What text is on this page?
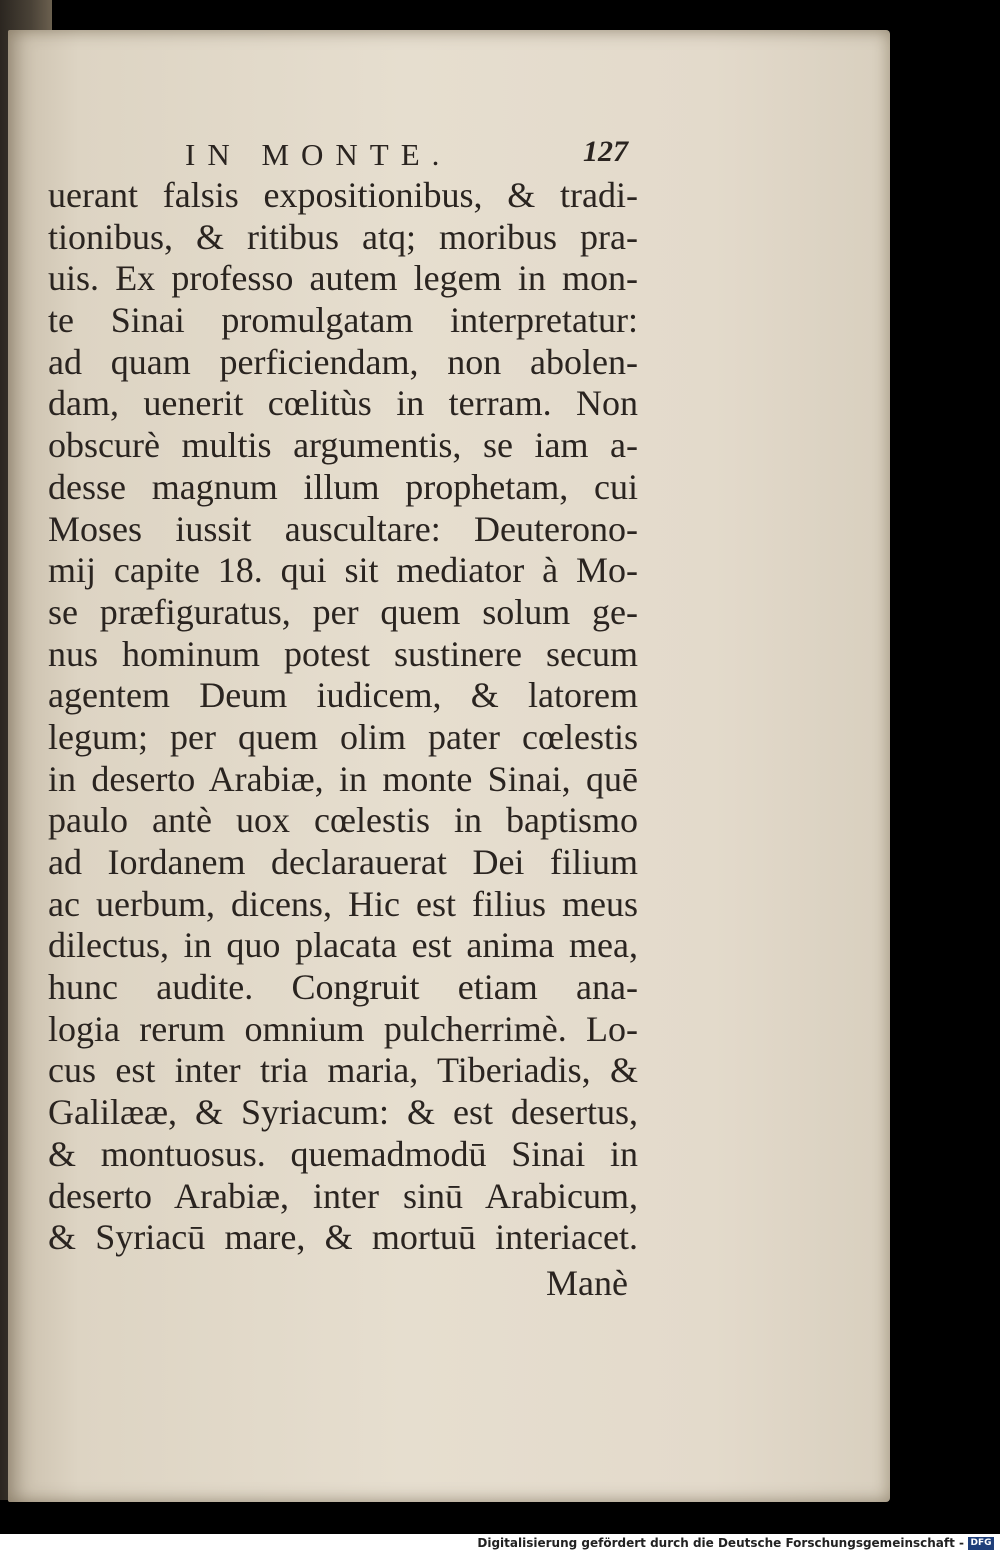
IN MONTE.	127
uerant falsis expositionibus, & tradi-
tionibus, & ritibus atq; moribus pra-
uis. Ex professo autem legem in mon-
te Sinai promulgatam interpretatur:
ad quam perficiendam, non abolen-
dam, uenerit cœlitùs in terram. Non
obscurè multis argumentis, se iam a-
desse magnum illum prophetam, cui
Moses iussit auscultare: Deuterono-
mij capite 18. qui sit mediator à Mo-
se præfiguratus, per quem solum ge-
nus hominum potest sustinere secum
agentem Deum iudicem, & latorem
legum; per quem olim pater cœlestis
in deserto Arabiæ, in monte Sinai, quē
paulo antè uox cœlestis in baptismo
ad Iordanem declarauerat Dei filium
ac uerbum, dicens, Hic est filius meus
dilectus, in quo placata est anima mea,
hunc audite. Congruit etiam ana-
logia rerum omnium pulcherrimè. Lo-
cus est inter tria maria, Tiberiadis, &
Galilææ, & Syriacum: & est desertus,
& montuosus. quemadmodū Sinai in
deserto Arabiæ, inter sinū Arabicum,
& Syriacū mare, & mortuū interiacet.
Manè
Digitalisierung gefördert durch die Deutsche Forschungsgemeinschaft - DFG
